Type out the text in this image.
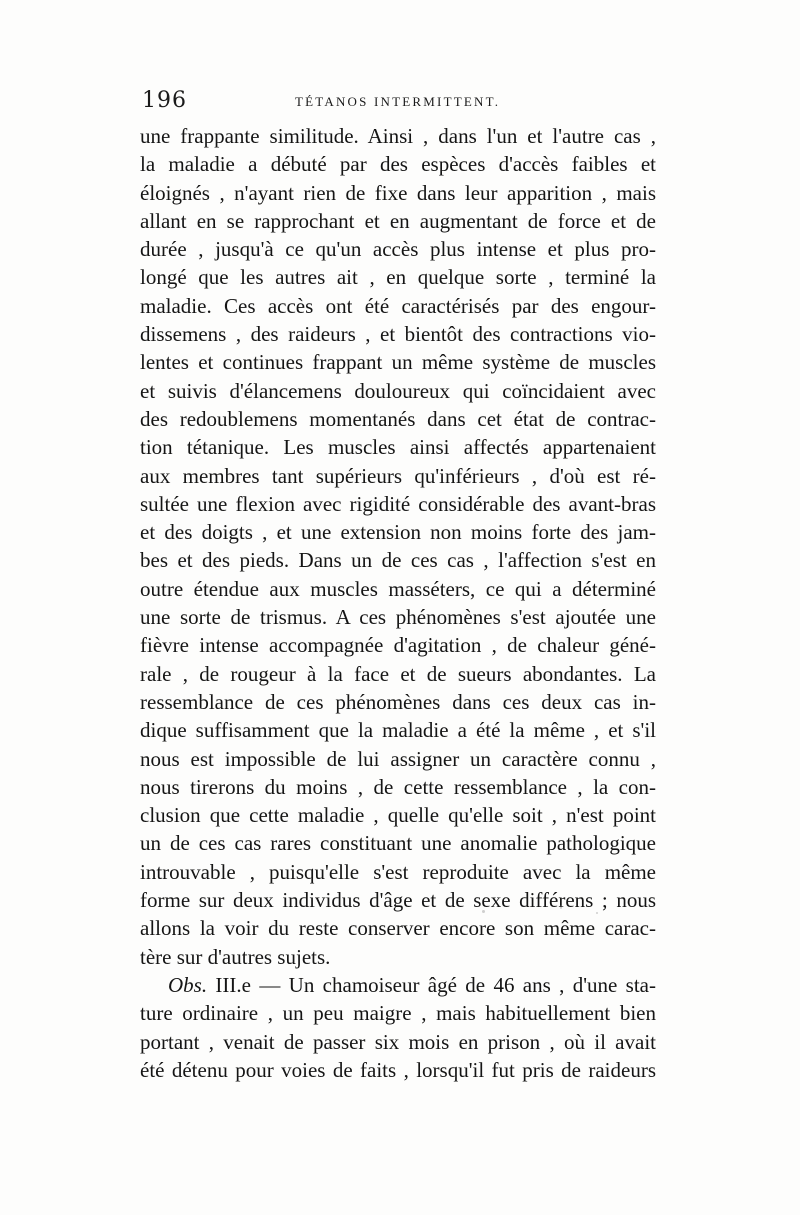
196	TÉTANOS INTERMITTENT.
une frappante similitude. Ainsi , dans l'un et l'autre cas ,
la maladie a débuté par des espèces d'accès faibles et
éloignés , n'ayant rien de fixe dans leur apparition , mais
allant en se rapprochant et en augmentant de force et de
durée , jusqu'à ce qu'un accès plus intense et plus pro-
longé que les autres ait , en quelque sorte , terminé la
maladie. Ces accès ont été caractérisés par des engour-
dissemens , des raideurs , et bientôt des contractions vio-
lentes et continues frappant un même système de muscles
et suivis d'élancemens douloureux qui coïncidaient avec
des redoublemens momentanés dans cet état de contrac-
tion tétanique. Les muscles ainsi affectés appartenaient
aux membres tant supérieurs qu'inférieurs , d'où est ré-
sultée une flexion avec rigidité considérable des avant-bras
et des doigts , et une extension non moins forte des jam-
bes et des pieds. Dans un de ces cas , l'affection s'est en
outre étendue aux muscles masséters, ce qui a déterminé
une sorte de trismus. A ces phénomènes s'est ajoutée une
fièvre intense accompagnée d'agitation , de chaleur géné-
rale , de rougeur à la face et de sueurs abondantes. La
ressemblance de ces phénomènes dans ces deux cas in-
dique suffisamment que la maladie a été la même , et s'il
nous est impossible de lui assigner un caractère connu ,
nous tirerons du moins , de cette ressemblance , la con-
clusion que cette maladie , quelle qu'elle soit , n'est point
un de ces cas rares constituant une anomalie pathologique
introuvable , puisqu'elle s'est reproduite avec la même
forme sur deux individus d'âge et de sexe différens ; nous
allons la voir du reste conserver encore son même carac-
tère sur d'autres sujets.
Obs. III.e — Un chamoiseur âgé de 46 ans , d'une sta-
ture ordinaire , un peu maigre , mais habituellement bien
portant , venait de passer six mois en prison , où il avait
été détenu pour voies de faits , lorsqu'il fut pris de raideurs
